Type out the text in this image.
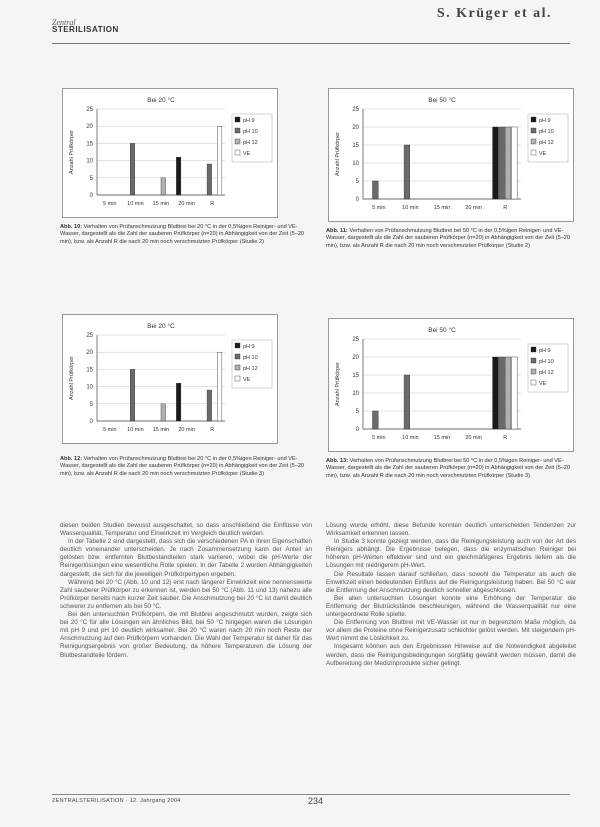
Zentral
STERILISATION
S. Krüger et al.
Bei 20 °C
0
5
10
15
20
25
Anzahl Prüfkörper
5 min 10 min 15 min 20 min	R
pH 9
pH 10
pH 12
VE
Bei 50 °C
0
5
10
15
20
25
Anzahl Prüfkörper
5 min	10 min	15 min	20 min	R
pH 9
pH 10
pH 12
VE
Bei 20 °C
0
5
10
15
20
25
Anzahl Prüfkörper
5 min 10 min 15 min 20 min	R
pH 9
pH 10
pH 12
VE
Bei 50 °C
0
5
10
15
20
25
Anzahl Prüfkörper
5 min	10 min	15 min	20 min	R
pH 9
pH 10
pH 12
VE
Abb. 10: Verhalten von Prüfanschmutzung Blutbrei bei 20 °C in der 0,5%igen Reiniger- und VE-Wasser, dargestellt als die Zahl der sauberen Prüfkörper (n=20) in Abhängigkeit von der Zeit (5–20 min), bzw. als Anzahl R die nach 20 min noch verschmutzten Prüfkörper (Studie 2)
Abb. 11: Verhalten von Prüfanschmutzung Blutbrei bei 50 °C in der 0,5%igen Reiniger- und VE-Wasser, dargestellt als die Zahl der sauberen Prüfkörper (n=20) in Abhängigkeit von der Zeit (5–20 min), bzw. als Anzahl R die nach 20 min noch verschmutzten Prüfkörper (Studie 2)
Abb. 12: Verhalten von Prüfanschmutzung Blutbrei bei 20 °C in der 0,5%igen Reiniger- und VE-Wasser, dargestellt als die Zahl der sauberen Prüfkörper (n=20) in Abhängigkeit von der Zeit (5–20 min), bzw. als Anzahl R die nach 20 min noch verschmutzten Prüfkörper (Studie 3)
Abb. 13: Verhalten von Prüfanschmutzung Blutbrei bei 50 °C in der 0,5%igen Reiniger- und VE-Wasser, dargestellt als die Zahl der sauberen Prüfkörper (n=20) in Abhängigkeit von der Zeit (5–20 min), bzw. als Anzahl R die nach 20 min noch verschmutzten Prüfkörper (Studie 3)

diesen beiden Studien bewusst ausgeschaltet, so dass anschließend die Einflüsse von Wasserqualität, Temperatur und Einwirkzeit im Vergleich deutlich werden.

In der Tabelle 2 sind dargestellt, dass sich die verschiedenen PA in ihren Eigenschaften deutlich voneinander unterscheiden. Je nach Zusammensetzung kann der Anteil an gelösten bzw. entfernten Blutbestandteilen stark variieren, wobei die pH-Werte der Reinigerlösungen eine wesentliche Rolle spielen. In der Tabelle 2 wurden Abhängigkeiten dargestellt, die sich für die jeweiligen Prüfkörpertypen ergeben.

Während bei 20 °C (Abb. 10 und 12) erst nach längerer Einwirkzeit eine nennenswerte Zahl sauberer Prüfkörper zu erkennen ist, werden bei 50 °C (Abb. 11 und 13) nahezu alle Prüfkörper bereits nach kurzer Zeit sauber. Die Anschmutzung bei 20 °C ist damit deutlich schwerer zu entfernen als bei 50 °C.

Bei den untersuchten Prüfkörpern, die mit Blutbrei angeschmutzt wurden, zeigte sich bei 20 °C für alle Lösungen ein ähnliches Bild, bei 50 °C hingegen waren die Lösungen mit pH 9 und pH 10 deutlich wirksamer. Bei 20 °C waren nach 20 min noch Reste der Anschmutzung auf den Prüfkörpern vorhanden. Die Wahl der Temperatur ist daher für das Reinigungsergebnis von großer Bedeutung, da höhere Temperaturen die Lösung der Blutbestandteile fördern.

Lösung wurde erhöht, diese Befunde konnten deutlich unterscheiden Tendenzen zur Wirksamkeit erkennen lassen.

In Studie 3 konnte gezeigt werden, dass die Reinigungsleistung auch von der Art des Reinigers abhängt. Die Ergebnisse belegen, dass die enzymatischen Reiniger bei höheren pH-Werten effektiver sind und ein gleichmäßigeres Ergebnis liefern als die Lösungen mit niedrigerem pH-Wert.

Die Resultate lassen darauf schließen, dass sowohl die Temperatur als auch die Einwirkzeit einen bedeutenden Einfluss auf die Reinigungsleistung haben. Bei 50 °C war die Entfernung der Anschmutzung deutlich schneller abgeschlossen.

Bei allen untersuchten Lösungen konnte eine Erhöhung der Temperatur die Entfernung der Blutrückstände beschleunigen, während die Wasserqualität nur eine untergeordnete Rolle spielte.

Die Entfernung von Blutbrei mit VE-Wasser ist nur in begrenztem Maße möglich, da vor allem die Proteine ohne Reinigerzusatz schlechter gelöst werden. Mit steigendem pH-Wert nimmt die Löslichkeit zu.

Insgesamt können aus den Ergebnissen Hinweise auf die Notwendigkeit abgeleitet werden, dass die Reinigungsbedingungen sorgfältig gewählt werden müssen, damit die Aufbereitung der Medizinprodukte sicher gelingt.

ZENTRALSTERILISATION · 12. Jahrgang 2004	234
